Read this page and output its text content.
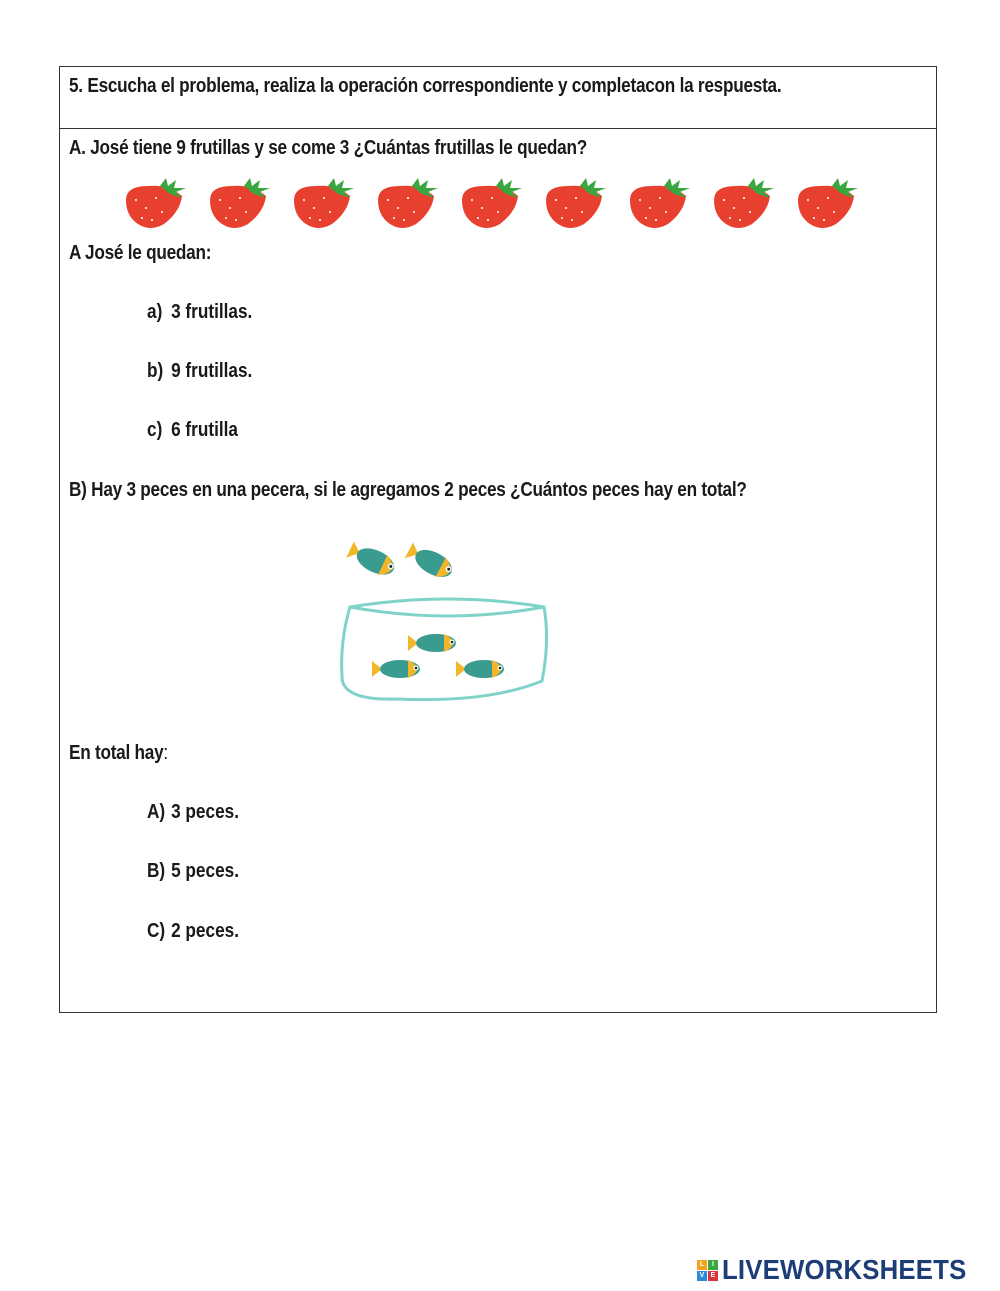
5. Escucha el problema, realiza la operación correspondiente y completacon la respuesta.
A. José tiene 9 frutillas y se come 3 ¿Cuántas frutillas le quedan?
A José le quedan:
a) 3 frutillas.
b) 9 frutillas.
c) 6 frutilla
B) Hay 3 peces en una pecera, si le agregamos 2 peces ¿Cuántos peces hay en total?
En total hay:
A) 3 peces.
B) 5 peces.
C) 2 peces.
L	I
V E LIVEWORKSHEETS
